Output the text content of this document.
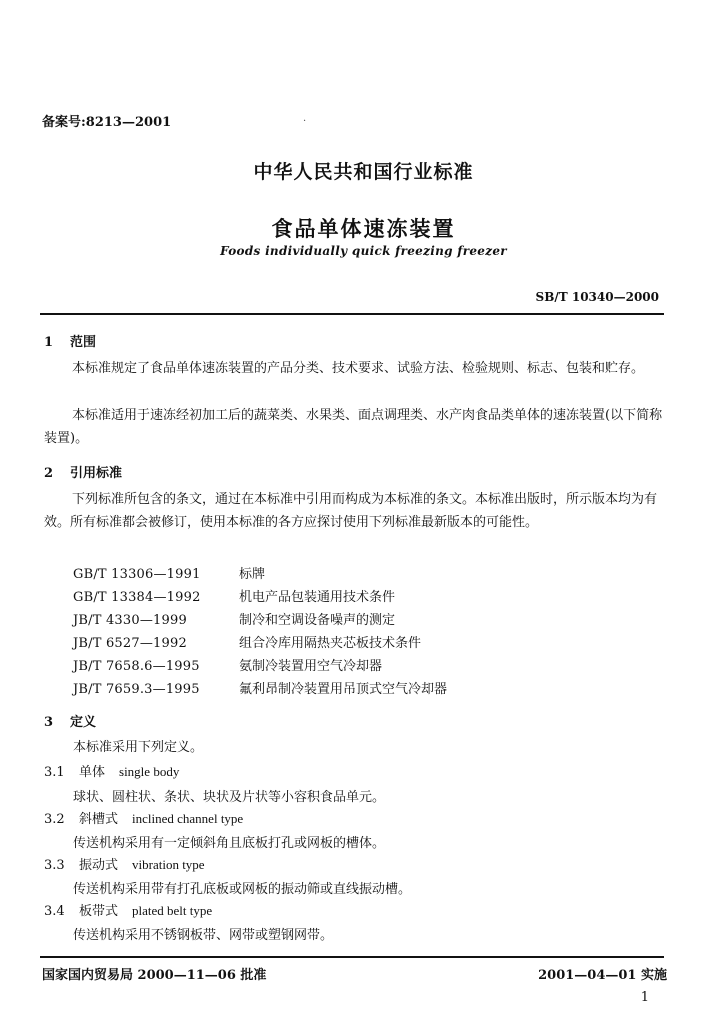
备案号:8213—2001	·
中华人民共和国行业标准
食品单体速冻装置
Foods individually quick freezing freezer
SB/T 10340—2000
1 范围
本标准规定了食品单体速冻装置的产品分类、技术要求、试验方法、检验规则、标志、包装和贮存。
本标准适用于速冻经初加工后的蔬菜类、水果类、面点调理类、水产肉食品类单体的速冻装置(以下简称装置)。
2 引用标准
下列标准所包含的条文，通过在本标准中引用而构成为本标准的条文。本标准出版时，所示版本均为有效。所有标准都会被修订，使用本标准的各方应探讨使用下列标准最新版本的可能性。
GB/T 13306—1991	标牌
GB/T 13384—1992	机电产品包装通用技术条件
JB/T 4330—1999	制冷和空调设备噪声的测定
JB/T 6527—1992	组合冷库用隔热夹芯板技术条件
JB/T 7658.6—1995	氨制冷装置用空气冷却器
JB/T 7659.3—1995	氟利昂制冷装置用吊顶式空气冷却器
3 定义
本标准采用下列定义。
3.1 单体 single body
球状、圆柱状、条状、块状及片状等小容积食品单元。
3.2 斜槽式 inclined channel type
传送机构采用有一定倾斜角且底板打孔或网板的槽体。
3.3 振动式 vibration type
传送机构采用带有打孔底板或网板的振动筛或直线振动槽。
3.4 板带式 plated belt type
传送机构采用不锈钢板带、网带或塑钢网带。
国家国内贸易局 2000—11—06 批准	2001—04—01 实施
1
